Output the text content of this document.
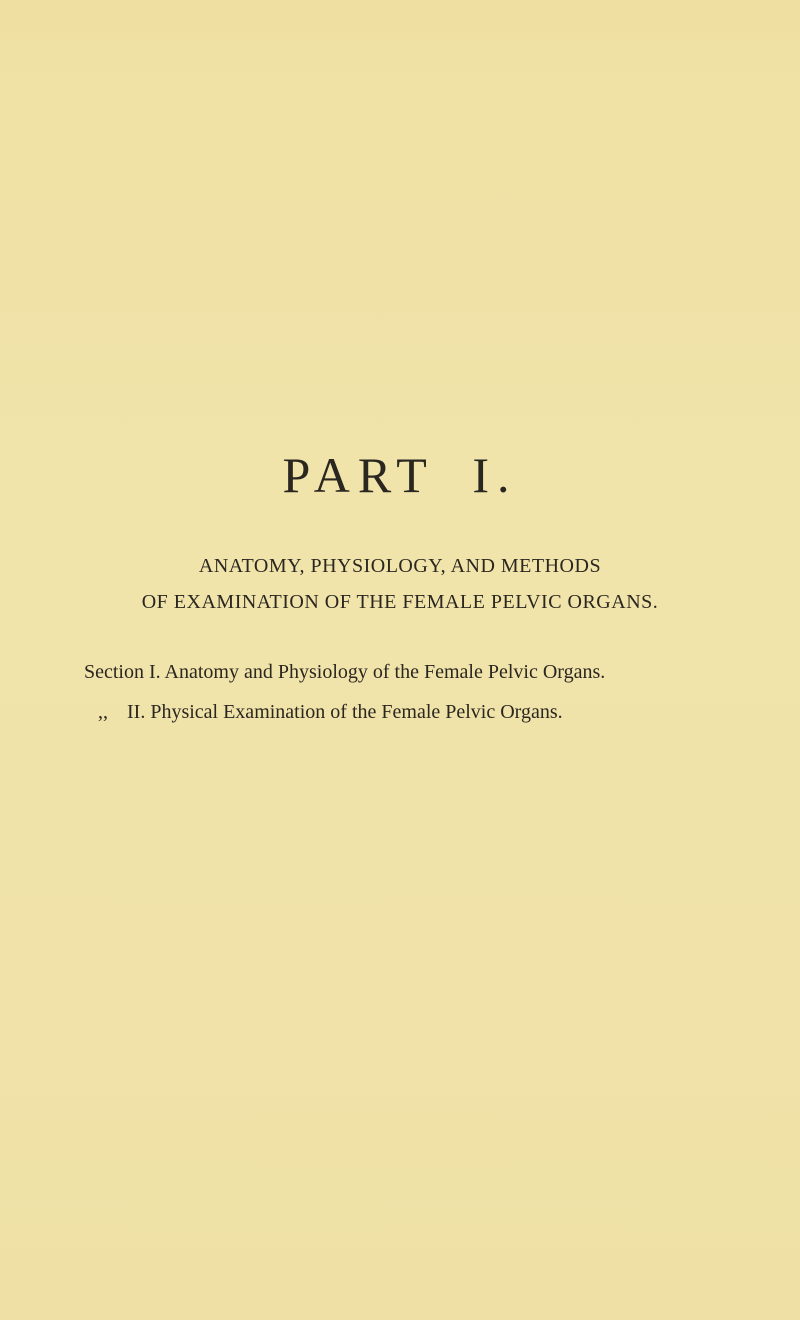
PART I.
ANATOMY, PHYSIOLOGY, AND METHODS
OF EXAMINATION OF THE FEMALE PELVIC ORGANS.
Section I. Anatomy and Physiology of the Female Pelvic Organs.
,, II. Physical Examination of the Female Pelvic Organs.
